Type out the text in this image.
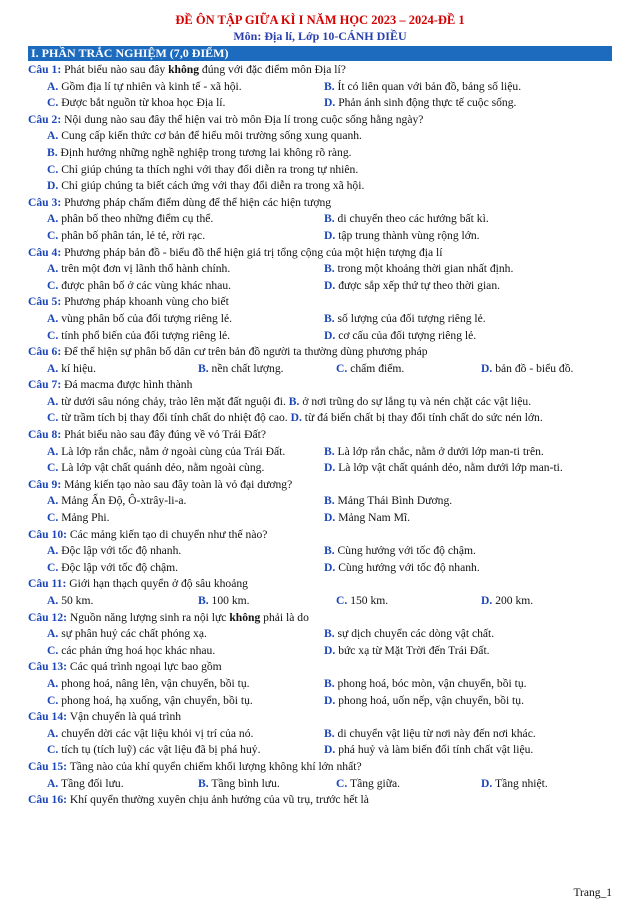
ĐỀ ÔN TẬP GIỮA KÌ I NĂM HỌC 2023 – 2024-ĐỀ 1
Môn: Địa lí, Lớp 10-CÁNH DIỀU
I. PHẦN TRẮC NGHIỆM (7,0 ĐIỂM)
Câu 1: Phát biểu nào sau đây không đúng với đặc điểm môn Địa lí?
A. Gồm địa lí tự nhiên và kinh tế - xã hội.	B. Ít có liên quan với bản đồ, bảng số liệu.
C. Được bắt nguồn từ khoa học Địa lí.	D. Phản ánh sinh động thực tế cuộc sống.
Câu 2: Nội dung nào sau đây thể hiện vai trò môn Địa lí trong cuộc sống hằng ngày?
A. Cung cấp kiến thức cơ bản để hiểu môi trường sống xung quanh.
B. Định hướng những nghề nghiệp trong tương lai không rõ ràng.
C. Chỉ giúp chúng ta thích nghi với thay đổi diễn ra trong tự nhiên.
D. Chỉ giúp chúng ta biết cách ứng với thay đổi diễn ra trong xã hội.
Câu 3: Phương pháp chấm điểm dùng để thể hiện các hiện tượng
A. phân bố theo những điểm cụ thể.	B. di chuyển theo các hướng bất kì.
C. phân bố phân tán, lẻ tẻ, rời rạc.	D. tập trung thành vùng rộng lớn.
Câu 4: Phương pháp bản đồ - biểu đồ thể hiện giá trị tổng cộng của một hiện tượng địa lí
A. trên một đơn vị lãnh thổ hành chính.	B. trong một khoảng thời gian nhất định.
C. được phân bố ở các vùng khác nhau.	D. được sắp xếp thứ tự theo thời gian.
Câu 5: Phương pháp khoanh vùng cho biết
A. vùng phân bố của đối tượng riêng lẻ.	B. số lượng của đối tượng riêng lẻ.
C. tính phổ biến của đối tượng riêng lẻ.	D. cơ cấu của đối tượng riêng lẻ.
Câu 6: Để thể hiện sự phân bố dân cư trên bản đồ người ta thường dùng phương pháp
A. kí hiệu.	B. nền chất lượng.	C. chấm điểm.	D. bản đồ - biểu đồ.
Câu 7: Đá macma được hình thành
A. từ dưới sâu nóng chảy, trào lên mặt đất nguội đi. B. ở nơi trũng do sự lắng tụ và nén chặt các vật liệu.
C. từ trầm tích bị thay đổi tính chất do nhiệt độ cao. D. từ đá biến chất bị thay đổi tính chất do sức nén lớn.
Câu 8: Phát biểu nào sau đây đúng về vỏ Trái Đất?
A. Là lớp rắn chắc, nằm ở ngoài cùng của Trái Đất.	B. Là lớp rắn chắc, nằm ở dưới lớp man-ti trên.
C. Là lớp vật chất quánh dẻo, nằm ngoài cùng.	D. Là lớp vật chất quánh dẻo, nằm dưới lớp man-ti.
Câu 9: Mảng kiến tạo nào sau đây toàn là vỏ đại dương?
A. Mảng Ấn Độ, Ô-xtrây-li-a.	B. Mảng Thái Bình Dương.
C. Mảng Phi.	D. Mảng Nam Mĩ.
Câu 10: Các mảng kiến tạo di chuyển như thế nào?
A. Độc lập với tốc độ nhanh.	B. Cùng hướng với tốc độ chậm.
C. Độc lập với tốc độ chậm.	D. Cùng hướng với tốc độ nhanh.
Câu 11: Giới hạn thạch quyển ở độ sâu khoảng
A. 50 km.	B. 100 km.	C. 150 km.	D. 200 km.
Câu 12: Nguồn năng lượng sinh ra nội lực không phải là do
A. sự phân huỷ các chất phóng xạ.	B. sự dịch chuyển các dòng vật chất.
C. các phản ứng hoá học khác nhau.	D. bức xạ từ Mặt Trời đến Trái Đất.
Câu 13: Các quá trình ngoại lực bao gồm
A. phong hoá, nâng lên, vận chuyển, bồi tụ.	B. phong hoá, bóc mòn, vận chuyển, bồi tụ.
C. phong hoá, hạ xuống, vận chuyển, bồi tụ.	D. phong hoá, uốn nếp, vận chuyển, bồi tụ.
Câu 14: Vận chuyển là quá trình
A. chuyển dời các vật liệu khỏi vị trí của nó.	B. di chuyển vật liệu từ nơi này đến nơi khác.
C. tích tụ (tích luỹ) các vật liệu đã bị phá huỷ.	D. phá huỷ và làm biến đổi tính chất vật liệu.
Câu 15: Tầng nào của khí quyển chiếm khối lượng không khí lớn nhất?
A. Tầng đối lưu.	B. Tầng bình lưu.	C. Tầng giữa.	D. Tầng nhiệt.
Câu 16: Khí quyển thường xuyên chịu ảnh hưởng của vũ trụ, trước hết là
Trang_1
